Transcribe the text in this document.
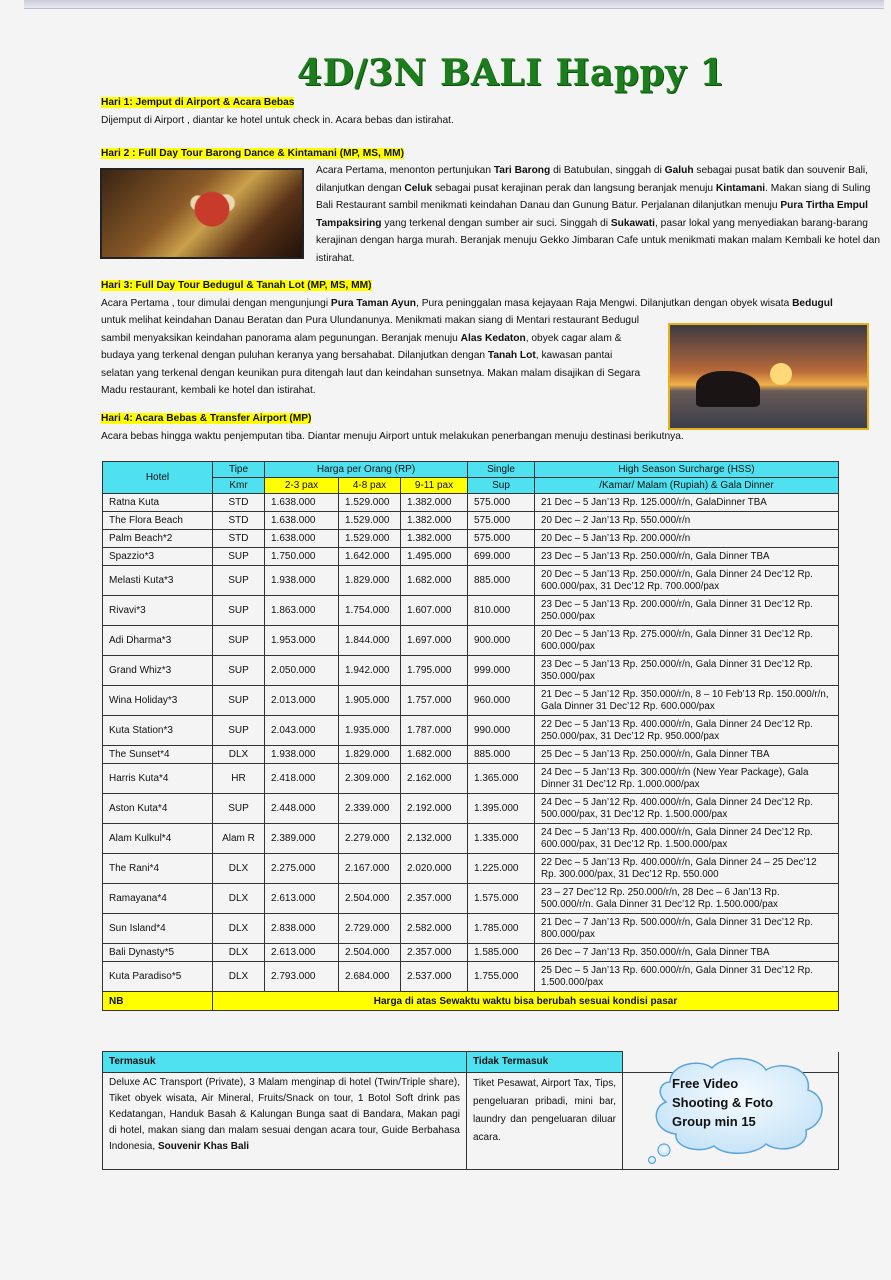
4D/3N BALI Happy 1
Hari 1: Jemput di Airport & Acara Bebas
Dijemput di Airport , diantar ke hotel untuk check in. Acara bebas dan istirahat.
Hari 2 : Full Day Tour Barong Dance & Kintamani (MP, MS, MM)
Acara Pertama, menonton pertunjukan Tari Barong di Batubulan, singgah di Galuh sebagai pusat batik dan souvenir Bali, dilanjutkan dengan Celuk sebagai pusat kerajinan perak dan langsung beranjak menuju Kintamani. Makan siang di Suling Bali Restaurant sambil menikmati keindahan Danau dan Gunung Batur. Perjalanan dilanjutkan menuju Pura Tirtha Empul Tampaksiring yang terkenal dengan sumber air suci. Singgah di Sukawati, pasar lokal yang menyediakan barang-barang kerajinan dengan harga murah. Beranjak menuju Gekko Jimbaran Cafe untuk menikmati makan malam Kembali ke hotel dan istirahat.
Hari 3: Full Day Tour Bedugul & Tanah Lot (MP, MS, MM)
Acara Pertama , tour dimulai dengan mengunjungi Pura Taman Ayun, Pura peninggalan masa kejayaan Raja Mengwi. Dilanjutkan dengan obyek wisata Bedugul
untuk melihat keindahan Danau Beratan dan Pura Ulundanunya. Menikmati makan siang di Mentari restaurant Bedugul sambil menyaksikan keindahan panorama alam pegunungan. Beranjak menuju Alas Kedaton, obyek cagar alam & budaya yang terkenal dengan puluhan keranya yang bersahabat. Dilanjutkan dengan Tanah Lot, kawasan pantai selatan yang terkenal dengan keunikan pura ditengah laut dan keindahan sunsetnya. Makan malam disajikan di Segara Madu restaurant, kembali ke hotel dan istirahat.
Hari 4: Acara Bebas & Transfer Airport (MP)
Acara bebas hingga waktu penjemputan tiba. Diantar menuju Airport untuk melakukan penerbangan menuju destinasi berikutnya.
Hotel	Tipe	Harga per Orang (RP)			Single	High Season Surcharge (HSS)
	Kmr	2-3 pax	4-8 pax	9-11 pax	Sup	/Kamar/ Malam (Rupiah) & Gala Dinner
Ratna Kuta	STD	1.638.000	1.529.000	1.382.000	575.000	21 Dec – 5 Jan’13 Rp. 125.000/r/n, GalaDinner TBA
The Flora Beach	STD	1.638.000	1.529.000	1.382.000	575.000	20 Dec – 2 Jan’13 Rp. 550.000/r/n
Palm Beach*2	STD	1.638.000	1.529.000	1.382.000	575.000	20 Dec – 5 Jan’13 Rp. 200.000/r/n
Spazzio*3	SUP	1.750.000	1.642.000	1.495.000	699.000	23 Dec – 5 Jan’13 Rp. 250.000/r/n, Gala Dinner TBA
Melasti Kuta*3	SUP	1.938.000	1.829.000	1.682.000	885.000	20 Dec – 5 Jan’13 Rp. 250.000/r/n, Gala Dinner 24 Dec’12 Rp. 600.000/pax, 31 Dec’12 Rp. 700.000/pax
Rivavi*3	SUP	1.863.000	1.754.000	1.607.000	810.000	23 Dec – 5 Jan’13 Rp. 200.000/r/n, Gala Dinner 31 Dec’12 Rp. 250.000/pax
Adi Dharma*3	SUP	1.953.000	1.844.000	1.697.000	900.000	20 Dec – 5 Jan’13 Rp. 275.000/r/n, Gala Dinner 31 Dec’12 Rp. 600.000/pax
Grand Whiz*3	SUP	2.050.000	1.942.000	1.795.000	999.000	23 Dec – 5 Jan’13 Rp. 250.000/r/n, Gala Dinner 31 Dec’12 Rp. 350.000/pax
Wina Holiday*3	SUP	2.013.000	1.905.000	1.757.000	960.000	21 Dec – 5 Jan’12 Rp. 350.000/r/n, 8 – 10 Feb’13 Rp. 150.000/r/n, Gala Dinner 31 Dec’12 Rp. 600.000/pax
Kuta Station*3	SUP	2.043.000	1.935.000	1.787.000	990.000	22 Dec – 5 Jan’13 Rp. 400.000/r/n, Gala Dinner 24 Dec’12 Rp. 250.000/pax, 31 Dec’12 Rp. 950.000/pax
The Sunset*4	DLX	1.938.000	1.829.000	1.682.000	885.000	25 Dec – 5 Jan’13 Rp. 250.000/r/n, Gala Dinner TBA
Harris Kuta*4	HR	2.418.000	2.309.000	2.162.000	1.365.000	24 Dec – 5 Jan’13 Rp. 300.000/r/n (New Year Package), Gala Dinner 31 Dec’12 Rp. 1.000.000/pax
Aston Kuta*4	SUP	2.448.000	2.339.000	2.192.000	1.395.000	24 Dec – 5 Jan’12 Rp. 400.000/r/n, Gala Dinner 24 Dec’12 Rp. 500.000/pax, 31 Dec’12 Rp. 1.500.000/pax
Alam Kulkul*4	Alam R	2.389.000	2.279.000	2.132.000	1.335.000	24 Dec – 5 Jan’13 Rp. 400.000/r/n, Gala Dinner 24 Dec’12 Rp. 600.000/pax, 31 Dec’12 Rp. 1.500.000/pax
The Rani*4	DLX	2.275.000	2.167.000	2.020.000	1.225.000	22 Dec – 5 Jan’13 Rp. 400.000/r/n, Gala Dinner 24 – 25 Dec’12 Rp. 300.000/pax, 31 Dec’12 Rp. 550.000
Ramayana*4	DLX	2.613.000	2.504.000	2.357.000	1.575.000	23 – 27 Dec’12 Rp. 250.000/r/n, 28 Dec – 6 Jan’13 Rp. 500.000/r/n. Gala Dinner 31 Dec’12 Rp. 1.500.000/pax
Sun Island*4	DLX	2.838.000	2.729.000	2.582.000	1.785.000	21 Dec – 7 Jan’13 Rp. 500.000/r/n, Gala Dinner 31 Dec’12 Rp. 800.000/pax
Bali Dynasty*5	DLX	2.613.000	2.504.000	2.357.000	1.585.000	26 Dec – 7 Jan’13 Rp. 350.000/r/n, Gala Dinner TBA
Kuta Paradiso*5	DLX	2.793.000	2.684.000	2.537.000	1.755.000	25 Dec – 5 Jan’13 Rp. 600.000/r/n, Gala Dinner 31 Dec’12 Rp. 1.500.000/pax
NB	Harga di atas Sewaktu waktu bisa berubah sesuai kondisi pasar					
Termasuk	Tidak Termasuk	
Deluxe AC Transport (Private), 3 Malam menginap di hotel (Twin/Triple share), Tiket obyek wisata, Air Mineral, Fruits/Snack on tour, 1 Botol Soft drink pas Kedatangan, Handuk Basah & Kalungan Bunga saat di Bandara, Makan pagi di hotel, makan siang dan malam sesuai dengan acara tour, Guide Berbahasa Indonesia, Souvenir Khas Bali	Tiket Pesawat, Airport Tax, Tips, pengeluaran pribadi, mini bar, laundry dan pengeluaran diluar acara.	
Free Video
Shooting & Foto
Group min 15
